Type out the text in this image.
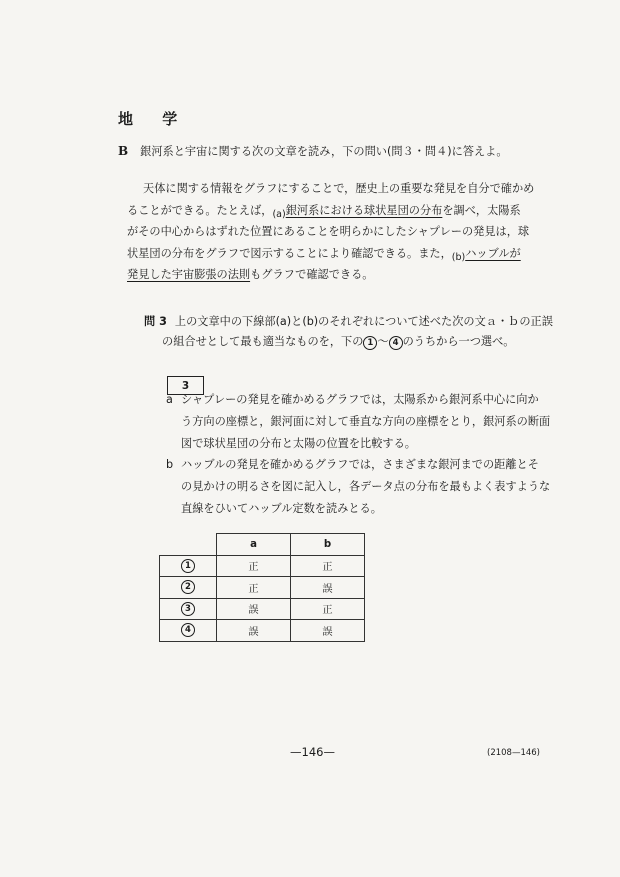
地 学
B 銀河系と宇宙に関する次の文章を読み，下の問い(問３・問４)に答えよ。
天体に関する情報をグラフにすることで，歴史上の重要な発見を自分で確かめ
ることができる。たとえば，$_{(a)}$銀河系における球状星団の分布を調べ，太陽系
がその中心からはずれた位置にあることを明らかにしたシャプレーの発見は，球
状星団の分布をグラフで図示することにより確認できる。また，$_{(b)}$ハッブルが
発見した宇宙膨張の法則もグラフで確認できる。
問 3 上の文章中の下線部(a)と(b)のそれぞれについて述べた次の文ａ・ｂの正誤
の組合せとして最も適当なものを，下の 1 ～ 4 のうちから一つ選べ。
3
a シャプレーの発見を確かめるグラフでは，太陽系から銀河系中心に向か
う方向の座標と，銀河面に対して垂直な方向の座標をとり，銀河系の断面
図で球状星団の分布と太陽の位置を比較する。
b ハッブルの発見を確かめるグラフでは，さまざまな銀河までの距離とそ
の見かけの明るさを図に記入し，各データ点の分布を最もよく表すような
直線をひいてハッブル定数を読みとる。
	a	b
1	正	正
2	正	誤
3	誤	正
4	誤	誤
—146—	(2108—146)
